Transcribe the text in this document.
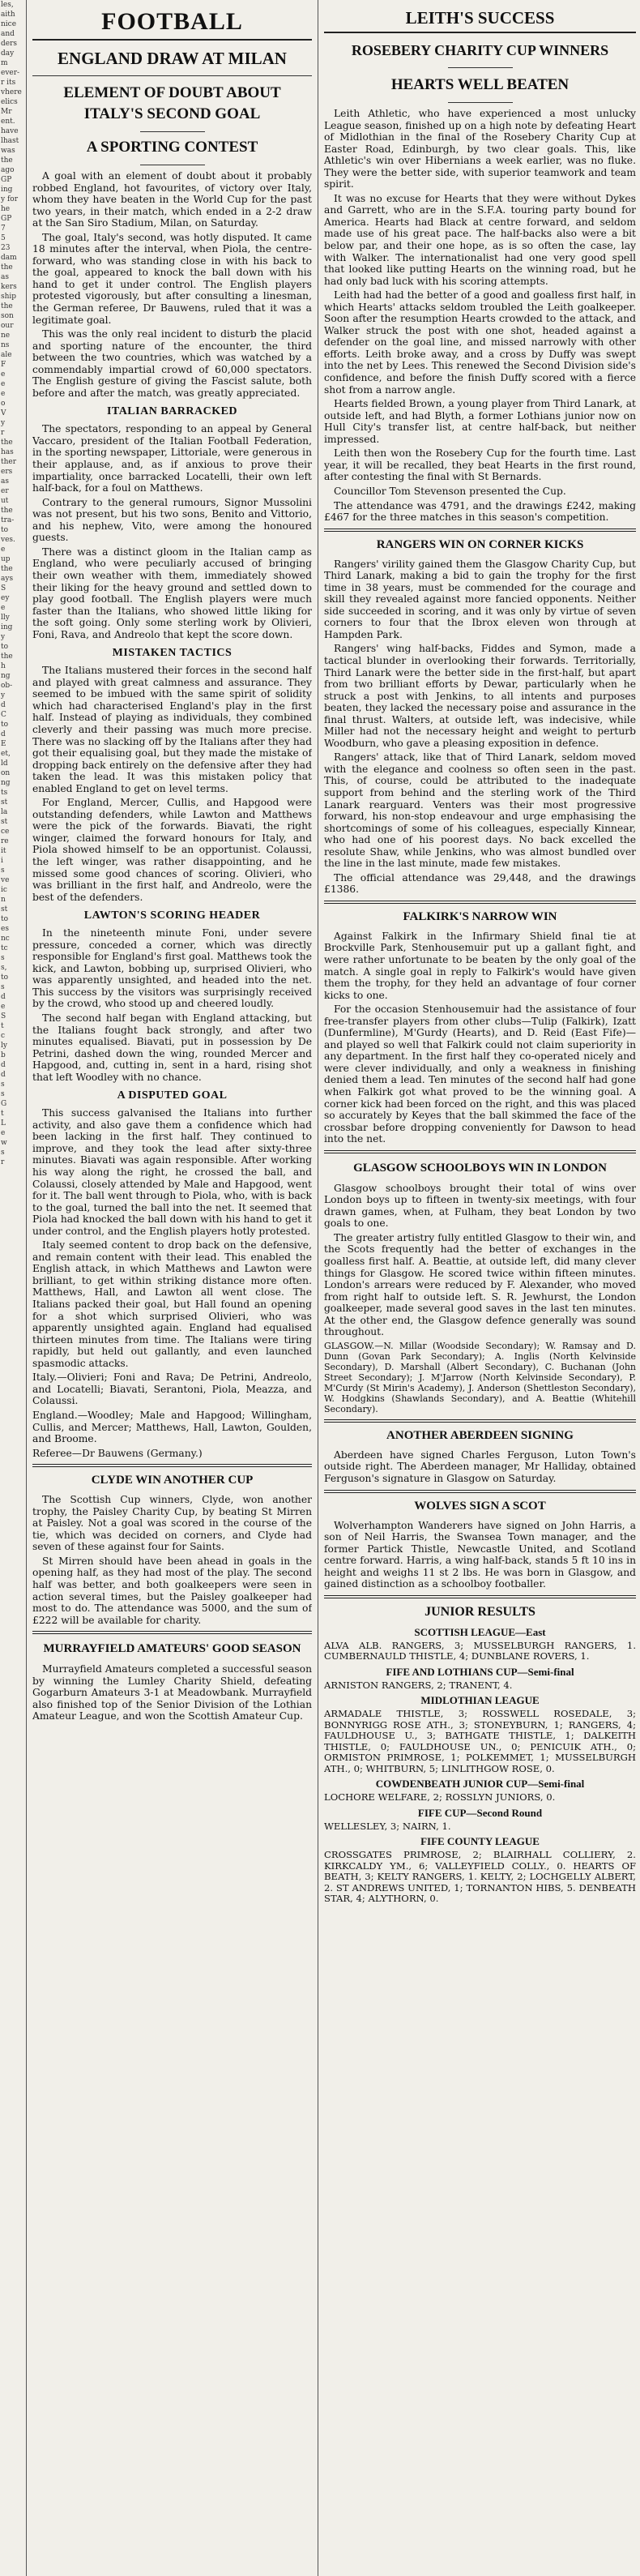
les,
aith
nice
and
ders
day
m
ever-
r its
vhere
elics
Mr
ent.
have
lhast
was
the
ago
GP
ing
y for
he
GP
7
5
23
dam
the
as
kers
ship
the
son
our
ne
ns
ale
F
e
e
e
o
V
y
r
the
has
ther
ers
as
er
ut
the
tra-
to
ves.
e
up
the
ays
S
ey
e
lly
ing
y
to
the
h
ng
ob-
y
d
C
to
d
E
et,
ld
on
ng
ts
st
la
st
ce
re
it
i
s
ve
ic
n
st
to
es
nc
tc
s
s,
to
s
d
e
S
t
c
ly
b
d
d
s
s
G
t
L
e
w
s
r
FOOTBALL
ENGLAND DRAW AT MILAN
ELEMENT OF DOUBT ABOUT ITALY'S SECOND GOAL
A SPORTING CONTEST

A goal with an element of doubt about it probably robbed England, hot favourites, of victory over Italy, whom they have beaten in the World Cup for the past two years, in their match, which ended in a 2-2 draw at the San Siro Stadium, Milan, on Saturday.

The goal, Italy's second, was hotly disputed. It came 18 minutes after the interval, when Piola, the centre-forward, who was standing close in with his back to the goal, appeared to knock the ball down with his hand to get it under control. The English players protested vigorously, but after consulting a linesman, the German referee, Dr Bauwens, ruled that it was a legitimate goal.

This was the only real incident to disturb the placid and sporting nature of the encounter, the third between the two countries, which was watched by a commendably impartial crowd of 60,000 spectators. The English gesture of giving the Fascist salute, both before and after the match, was greatly appreciated.

ITALIAN BARRACKED

The spectators, responding to an appeal by General Vaccaro, president of the Italian Football Federation, in the sporting newspaper, Littoriale, were generous in their applause, and, as if anxious to prove their impartiality, once barracked Locatelli, their own left half-back, for a foul on Matthews.

Contrary to the general rumours, Signor Mussolini was not present, but his two sons, Benito and Vittorio, and his nephew, Vito, were among the honoured guests.

There was a distinct gloom in the Italian camp as England, who were peculiarly accused of bringing their own weather with them, immediately showed their liking for the heavy ground and settled down to play good football. The English players were much faster than the Italians, who showed little liking for the soft going. Only some sterling work by Olivieri, Foni, Rava, and Andreolo that kept the score down.

MISTAKEN TACTICS

The Italians mustered their forces in the second half and played with great calmness and assurance. They seemed to be imbued with the same spirit of solidity which had characterised England's play in the first half. Instead of playing as individuals, they combined cleverly and their passing was much more precise. There was no slacking off by the Italians after they had got their equalising goal, but they made the mistake of dropping back entirely on the defensive after they had taken the lead. It was this mistaken policy that enabled England to get on level terms.

For England, Mercer, Cullis, and Hapgood were outstanding defenders, while Lawton and Matthews were the pick of the forwards. Biavati, the right winger, claimed the forward honours for Italy, and Piola showed himself to be an opportunist. Colaussi, the left winger, was rather disappointing, and he missed some good chances of scoring. Olivieri, who was brilliant in the first half, and Andreolo, were the best of the defenders.

LAWTON'S SCORING HEADER

In the nineteenth minute Foni, under severe pressure, conceded a corner, which was directly responsible for England's first goal. Matthews took the kick, and Lawton, bobbing up, surprised Olivieri, who was apparently unsighted, and headed into the net. This success by the visitors was surprisingly received by the crowd, who stood up and cheered loudly.

The second half began with England attacking, but the Italians fought back strongly, and after two minutes equalised. Biavati, put in possession by De Petrini, dashed down the wing, rounded Mercer and Hapgood, and, cutting in, sent in a hard, rising shot that left Woodley with no chance.

A DISPUTED GOAL

This success galvanised the Italians into further activity, and also gave them a confidence which had been lacking in the first half. They continued to improve, and they took the lead after sixty-three minutes. Biavati was again responsible. After working his way along the right, he crossed the ball, and Colaussi, closely attended by Male and Hapgood, went for it. The ball went through to Piola, who, with is back to the goal, turned the ball into the net. It seemed that Piola had knocked the ball down with his hand to get it under control, and the English players hotly protested.

Italy seemed content to drop back on the defensive, and remain content with their lead. This enabled the English attack, in which Matthews and Lawton were brilliant, to get within striking distance more often. Matthews, Hall, and Lawton all went close. The Italians packed their goal, but Hall found an opening for a shot which surprised Olivieri, who was apparently unsighted again. England had equalised thirteen minutes from time. The Italians were tiring rapidly, but held out gallantly, and even launched spasmodic attacks.

Italy.—Olivieri; Foni and Rava; De Petrini, Andreolo, and Locatelli; Biavati, Serantoni, Piola, Meazza, and Colaussi.

England.—Woodley; Male and Hapgood; Willingham, Cullis, and Mercer; Matthews, Hall, Lawton, Goulden, and Broome.

Referee—Dr Bauwens (Germany.)

CLYDE WIN ANOTHER CUP

The Scottish Cup winners, Clyde, won another trophy, the Paisley Charity Cup, by beating St Mirren at Paisley. Not a goal was scored in the course of the tie, which was decided on corners, and Clyde had seven of these against four for Saints.

St Mirren should have been ahead in goals in the opening half, as they had most of the play. The second half was better, and both goalkeepers were seen in action several times, but the Paisley goalkeeper had most to do. The attendance was 5000, and the sum of £222 will be available for charity.

MURRAYFIELD AMATEURS' GOOD SEASON

Murrayfield Amateurs completed a successful season by winning the Lumley Charity Shield, defeating Gogarburn Amateurs 3-1 at Meadowbank. Murrayfield also finished top of the Senior Division of the Lothian Amateur League, and won the Scottish Amateur Cup.

LEITH'S SUCCESS
ROSEBERY CHARITY CUP WINNERS
HEARTS WELL BEATEN

Leith Athletic, who have experienced a most unlucky League season, finished up on a high note by defeating Heart of Midlothian in the final of the Rosebery Charity Cup at Easter Road, Edinburgh, by two clear goals. This, like Athletic's win over Hibernians a week earlier, was no fluke. They were the better side, with superior teamwork and team spirit.

It was no excuse for Hearts that they were without Dykes and Garrett, who are in the S.F.A. touring party bound for America. Hearts had Black at centre forward, and seldom made use of his great pace. The half-backs also were a bit below par, and their one hope, as is so often the case, lay with Walker. The internationalist had one very good spell that looked like putting Hearts on the winning road, but he had only bad luck with his scoring attempts.

Leith had had the better of a good and goalless first half, in which Hearts' attacks seldom troubled the Leith goalkeeper. Soon after the resumption Hearts crowded to the attack, and Walker struck the post with one shot, headed against a defender on the goal line, and missed narrowly with other efforts. Leith broke away, and a cross by Duffy was swept into the net by Lees. This renewed the Second Division side's confidence, and before the finish Duffy scored with a fierce shot from a narrow angle.

Hearts fielded Brown, a young player from Third Lanark, at outside left, and had Blyth, a former Lothians junior now on Hull City's transfer list, at centre half-back, but neither impressed.

Leith then won the Rosebery Cup for the fourth time. Last year, it will be recalled, they beat Hearts in the first round, after contesting the final with St Bernards.

Councillor Tom Stevenson presented the Cup.

The attendance was 4791, and the drawings £242, making £467 for the three matches in this season's competition.

RANGERS WIN ON CORNER KICKS

Rangers' virility gained them the Glasgow Charity Cup, but Third Lanark, making a bid to gain the trophy for the first time in 38 years, must be commended for the courage and skill they revealed against more fancied opponents. Neither side succeeded in scoring, and it was only by virtue of seven corners to four that the Ibrox eleven won through at Hampden Park.

Rangers' wing half-backs, Fiddes and Symon, made a tactical blunder in overlooking their forwards. Territorially, Third Lanark were the better side in the first-half, but apart from two brilliant efforts by Dewar, particularly when he struck a post with Jenkins, to all intents and purposes beaten, they lacked the necessary poise and assurance in the final thrust. Walters, at outside left, was indecisive, while Miller had not the necessary height and weight to perturb Woodburn, who gave a pleasing exposition in defence.

Rangers' attack, like that of Third Lanark, seldom moved with the elegance and coolness so often seen in the past. This, of course, could be attributed to the inadequate support from behind and the sterling work of the Third Lanark rearguard. Venters was their most progressive forward, his non-stop endeavour and urge emphasising the shortcomings of some of his colleagues, especially Kinnear, who had one of his poorest days. No back excelled the resolute Shaw, while Jenkins, who was almost bundled over the line in the last minute, made few mistakes.

The official attendance was 29,448, and the drawings £1386.

FALKIRK'S NARROW WIN

Against Falkirk in the Infirmary Shield final tie at Brockville Park, Stenhousemuir put up a gallant fight, and were rather unfortunate to be beaten by the only goal of the match. A single goal in reply to Falkirk's would have given them the trophy, for they held an advantage of four corner kicks to one.

For the occasion Stenhousemuir had the assistance of four free-transfer players from other clubs—Tulip (Falkirk), Izatt (Dunfermline), M'Gurdy (Hearts), and D. Reid (East Fife)—and played so well that Falkirk could not claim superiority in any department. In the first half they co-operated nicely and were clever individually, and only a weakness in finishing denied them a lead. Ten minutes of the second half had gone when Falkirk got what proved to be the winning goal. A corner kick had been forced on the right, and this was placed so accurately by Keyes that the ball skimmed the face of the crossbar before dropping conveniently for Dawson to head into the net.

GLASGOW SCHOOLBOYS WIN IN LONDON

Glasgow schoolboys brought their total of wins over London boys up to fifteen in twenty-six meetings, with four drawn games, when, at Fulham, they beat London by two goals to one.

The greater artistry fully entitled Glasgow to their win, and the Scots frequently had the better of exchanges in the goalless first half. A. Beattie, at outside left, did many clever things for Glasgow. He scored twice within fifteen minutes. London's arrears were reduced by F. Alexander, who moved from right half to outside left. S. R. Jewhurst, the London goalkeeper, made several good saves in the last ten minutes. At the other end, the Glasgow defence generally was sound throughout.

GLASGOW.—N. Millar (Woodside Secondary); W. Ramsay and D. Dunn (Govan Park Secondary); A. Inglis (North Kelvinside Secondary), D. Marshall (Albert Secondary), C. Buchanan (John Street Secondary); J. M'Jarrow (North Kelvinside Secondary), P. M'Curdy (St Mirin's Academy), J. Anderson (Shettleston Secondary), W. Hodgkins (Shawlands Secondary), and A. Beattie (Whitehill Secondary).

ANOTHER ABERDEEN SIGNING

Aberdeen have signed Charles Ferguson, Luton Town's outside right. The Aberdeen manager, Mr Halliday, obtained Ferguson's signature in Glasgow on Saturday.

WOLVES SIGN A SCOT

Wolverhampton Wanderers have signed on John Harris, a son of Neil Harris, the Swansea Town manager, and the former Partick Thistle, Newcastle United, and Scotland centre forward. Harris, a wing half-back, stands 5 ft 10 ins in height and weighs 11 st 2 lbs. He was born in Glasgow, and gained distinction as a schoolboy footballer.

JUNIOR RESULTS
SCOTTISH LEAGUE—East

ALVA ALB. RANGERS, 3; MUSSELBURGH RANGERS, 1. CUMBERNAULD THISTLE, 4; DUNBLANE ROVERS, 1.

FIFE AND LOTHIANS CUP—Semi-final

ARNISTON RANGERS, 2; TRANENT, 4.

MIDLOTHIAN LEAGUE

ARMADALE THISTLE, 3; ROSSWELL ROSEDALE, 3; BONNYRIGG ROSE ATH., 3; STONEYBURN, 1; RANGERS, 4; FAULDHOUSE U., 3; BATHGATE THISTLE, 1; DALKEITH THISTLE, 0; FAULDHOUSE UN., 0; PENICUIK ATH., 0; ORMISTON PRIMROSE, 1; POLKEMMET, 1; MUSSELBURGH ATH., 0; WHITBURN, 5; LINLITHGOW ROSE, 0.

COWDENBEATH JUNIOR CUP—Semi-final

LOCHORE WELFARE, 2; ROSSLYN JUNIORS, 0.

FIFE CUP—Second Round

WELLESLEY, 3; NAIRN, 1.

FIFE COUNTY LEAGUE

CROSSGATES PRIMROSE, 2; BLAIRHALL COLLIERY, 2. KIRKCALDY YM., 6; VALLEYFIELD COLLY., 0. HEARTS OF BEATH, 3; KELTY RANGERS, 1. KELTY, 2; LOCHGELLY ALBERT, 2. ST ANDREWS UNITED, 1; TORNANTON HIBS, 5. DENBEATH STAR, 4; ALYTHORN, 0.
